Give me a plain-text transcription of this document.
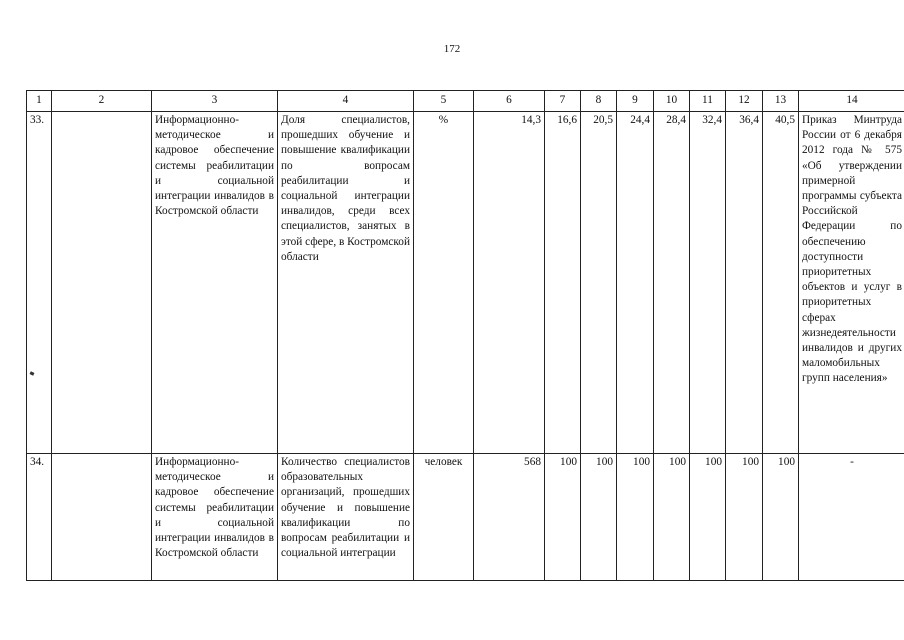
172
1	2	3	4	5	6	7	8	9	10	11	12	13	14
33.		Информационно-методическое и кадровое обеспечение системы реабилитации и социальной интеграции инвалидов в Костромской области	Доля специалистов, прошедших обучение и повышение квалификации по вопросам реабилитации и социальной интеграции инвалидов, среди всех специалистов, занятых в этой сфере, в Костромской области	%	14,3	16,6	20,5	24,4	28,4	32,4	36,4	40,5	Приказ Минтруда России от 6 декабря 2012 года № 575 «Об утверждении примерной программы субъекта Российской Федерации по обеспечению доступности приоритетных объектов и услуг в приоритетных сферах жизнедеятельности инвалидов и других маломобильных групп населения»
34.		Информационно-методическое и кадровое обеспечение системы реабилитации и социальной интеграции инвалидов в Костромской области	Количество специалистов образовательных организаций, прошедших обучение и повышение квалификации по вопросам реабилитации и социальной интеграции	человек	568	100	100	100	100	100	100	100	-
